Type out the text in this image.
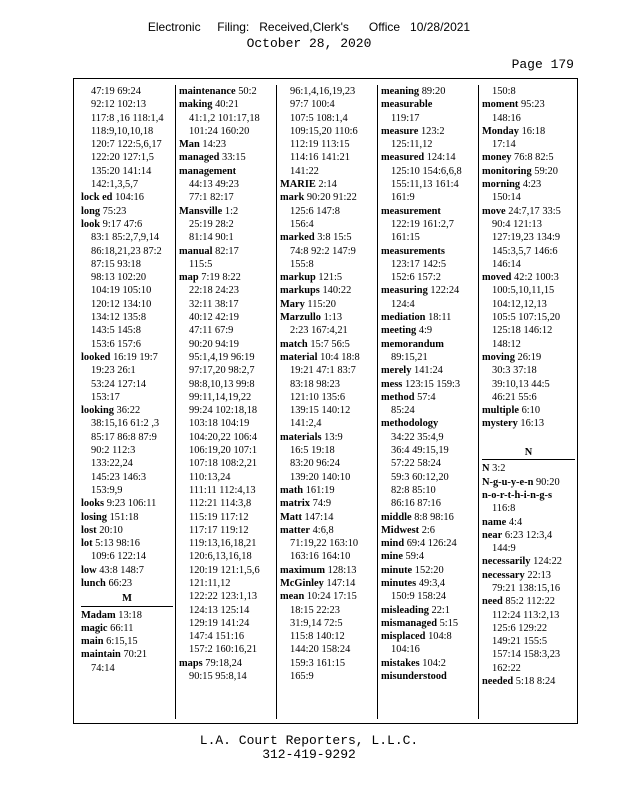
Electronic     Filing:   Received,Clerk's      Office   10/28/2021
October 28, 2020
Page 179
47:19 69:24
92:12 102:13
117:8 ,16 118:1,4
118:9,10,10,18
120:7 122:5,6,17
122:20 127:1,5
135:20 141:14
142:1,3,5,7
lock ed 104:16
long 75:23
look 9:17 47:6
83:1 85:2,7,9,14
86:18,21,23 87:2
87:15 93:18
98:13 102:20
104:19 105:10
120:12 134:10
134:12 135:8
143:5 145:8
153:6 157:6
looked 16:19 19:7
19:23 26:1
53:24 127:14
153:17
looking 36:22
38:15,16 61:2 ,3
85:17 86:8 87:9
90:2 112:3
133:22,24
145:23 146:3
153:9,9
looks 9:23 106:11
losing 151:18
lost 20:10
lot 5:13 98:16
109:6 122:14
low 43:8 148:7
lunch 66:23
M
Madam 13:18
magic 66:11
main 6:15,15
maintain 70:21
74:14
maintenance 50:2
making 40:21
41:1,2 101:17,18
101:24 160:20
Man 14:23
managed 33:15
management
44:13 49:23
77:1 82:17
Mansville 1:2
25:19 28:2
81:14 90:1
manual 82:17
115:5
map 7:19 8:22
22:18 24:23
32:11 38:17
40:12 42:19
47:11 67:9
90:20 94:19
95:1,4,19 96:19
97:17,20 98:2,7
98:8,10,13 99:8
99:11,14,19,22
99:24 102:18,18
103:18 104:19
104:20,22 106:4
106:19,20 107:1
107:18 108:2,21
110:13,24
111:11 112:4,13
112:21 114:3,8
115:19 117:12
117:17 119:12
119:13,16,18,21
120:6,13,16,18
120:19 121:1,5,6
121:11,12
122:22 123:1,13
124:13 125:14
129:19 141:24
147:4 151:16
157:2 160:16,21
maps 79:18,24
90:15 95:8,14
96:1,4,16,19,23
97:7 100:4
107:5 108:1,4
109:15,20 110:6
112:19 113:15
114:16 141:21
141:22
MARIE 2:14
mark 90:20 91:22
125:6 147:8
156:4
marked 3:8 15:5
74:8 92:2 147:9
155:8
markup 121:5
markups 140:22
Mary 115:20
Marzullo 1:13
2:23 167:4,21
match 15:7 56:5
material 10:4 18:8
19:21 47:1 83:7
83:18 98:23
121:10 135:6
139:15 140:12
141:2,4
materials 13:9
16:5 19:18
83:20 96:24
139:20 140:10
math 161:19
matrix 74:9
Matt 147:14
matter 4:6,8
71:19,22 163:10
163:16 164:10
maximum 128:13
McGinley 147:14
mean 10:24 17:15
18:15 22:23
31:9,14 72:5
115:8 140:12
144:20 158:24
159:3 161:15
165:9
meaning 89:20
measurable
119:17
measure 123:2
125:11,12
measured 124:14
125:10 154:6,6,8
155:11,13 161:4
161:9
measurement
122:19 161:2,7
161:15
measurements
123:17 142:5
152:6 157:2
measuring 122:24
124:4
mediation 18:11
meeting 4:9
memorandum
89:15,21
merely 141:24
mess 123:15 159:3
method 57:4
85:24
methodology
34:22 35:4,9
36:4 49:15,19
57:22 58:24
59:3 60:12,20
82:8 85:10
86:16 87:16
middle 8:8 98:16
Midwest 2:6
mind 69:4 126:24
mine 59:4
minute 152:20
minutes 49:3,4
150:9 158:24
misleading 22:1
mismanaged 5:15
misplaced 104:8
104:16
mistakes 104:2
misunderstood
150:8
moment 95:23
148:16
Monday 16:18
17:14
money 76:8 82:5
monitoring 59:20
morning 4:23
150:14
move 24:7,17 33:5
90:4 121:13
127:19,23 134:9
145:3,5,7 146:6
146:14
moved 42:2 100:3
100:5,10,11,15
104:12,12,13
105:5 107:15,20
125:18 146:12
148:12
moving 26:19
30:3 37:18
39:10,13 44:5
46:21 55:6
multiple 6:10
mystery 16:13
N
N 3:2
N-g-u-y-e-n 90:20
n-o-r-t-h-i-n-g-s
116:8
name 4:4
near 6:23 12:3,4
144:9
necessarily 124:22
necessary 22:13
79:21 138:15,16
need 85:2 112:22
112:24 113:2,13
125:6 129:22
149:21 155:5
157:14 158:3,23
162:22
needed 5:18 8:24
L.A. Court Reporters, L.L.C.
312-419-9292
